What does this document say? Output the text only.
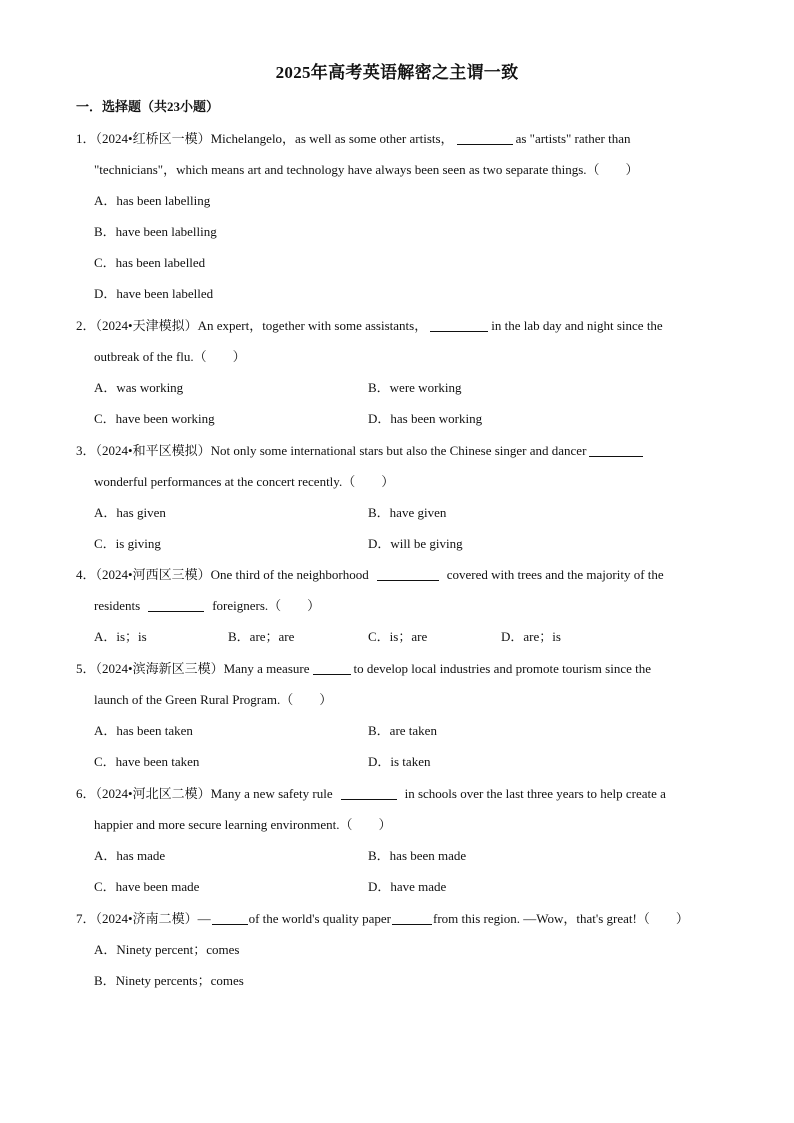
2025年高考英语解密之主谓一致
一．选择题（共23小题）
1．（2024•红桥区一模）Michelangelo，as well as some other artists，	as "artists" rather than
"technicians"，which means art and technology have always been seen as two separate things.（　　）
A．has been labelling
B．have been labelling
C．has been labelled
D．have been labelled
2．（2024•天津模拟）An expert，together with some assistants，	in the lab day and night since the
outbreak of the flu.（　　）
A．was working	B．were working
C．have been working	D．has been working
3．（2024•和平区模拟）Not only some international stars but also the Chinese singer and dancer
wonderful performances at the concert recently.（　　）
A．has given	B．have given
C．is giving	D．will be giving
4．（2024•河西区三模）One third of the neighborhood	covered with trees and the majority of the
residents	foreigners.（　　）
A．is；is	B．are；are	C．is；are	D．are；is
5．（2024•滨海新区三模）Many a measure	to develop local industries and promote tourism since the
launch of the Green Rural Program.（　　）
A．has been taken	B．are taken
C．have been taken	D．is taken
6．（2024•河北区二模）Many a new safety rule	in schools over the last three years to help create a
happier and more secure learning environment.（　　）
A．has made	B．has been made
C．have been made	D．have made
7．（2024•济南二模）—	of the world's quality paper	from this region. —Wow，that's great!（　　）
A．Ninety percent；comes
B．Ninety percents；comes
